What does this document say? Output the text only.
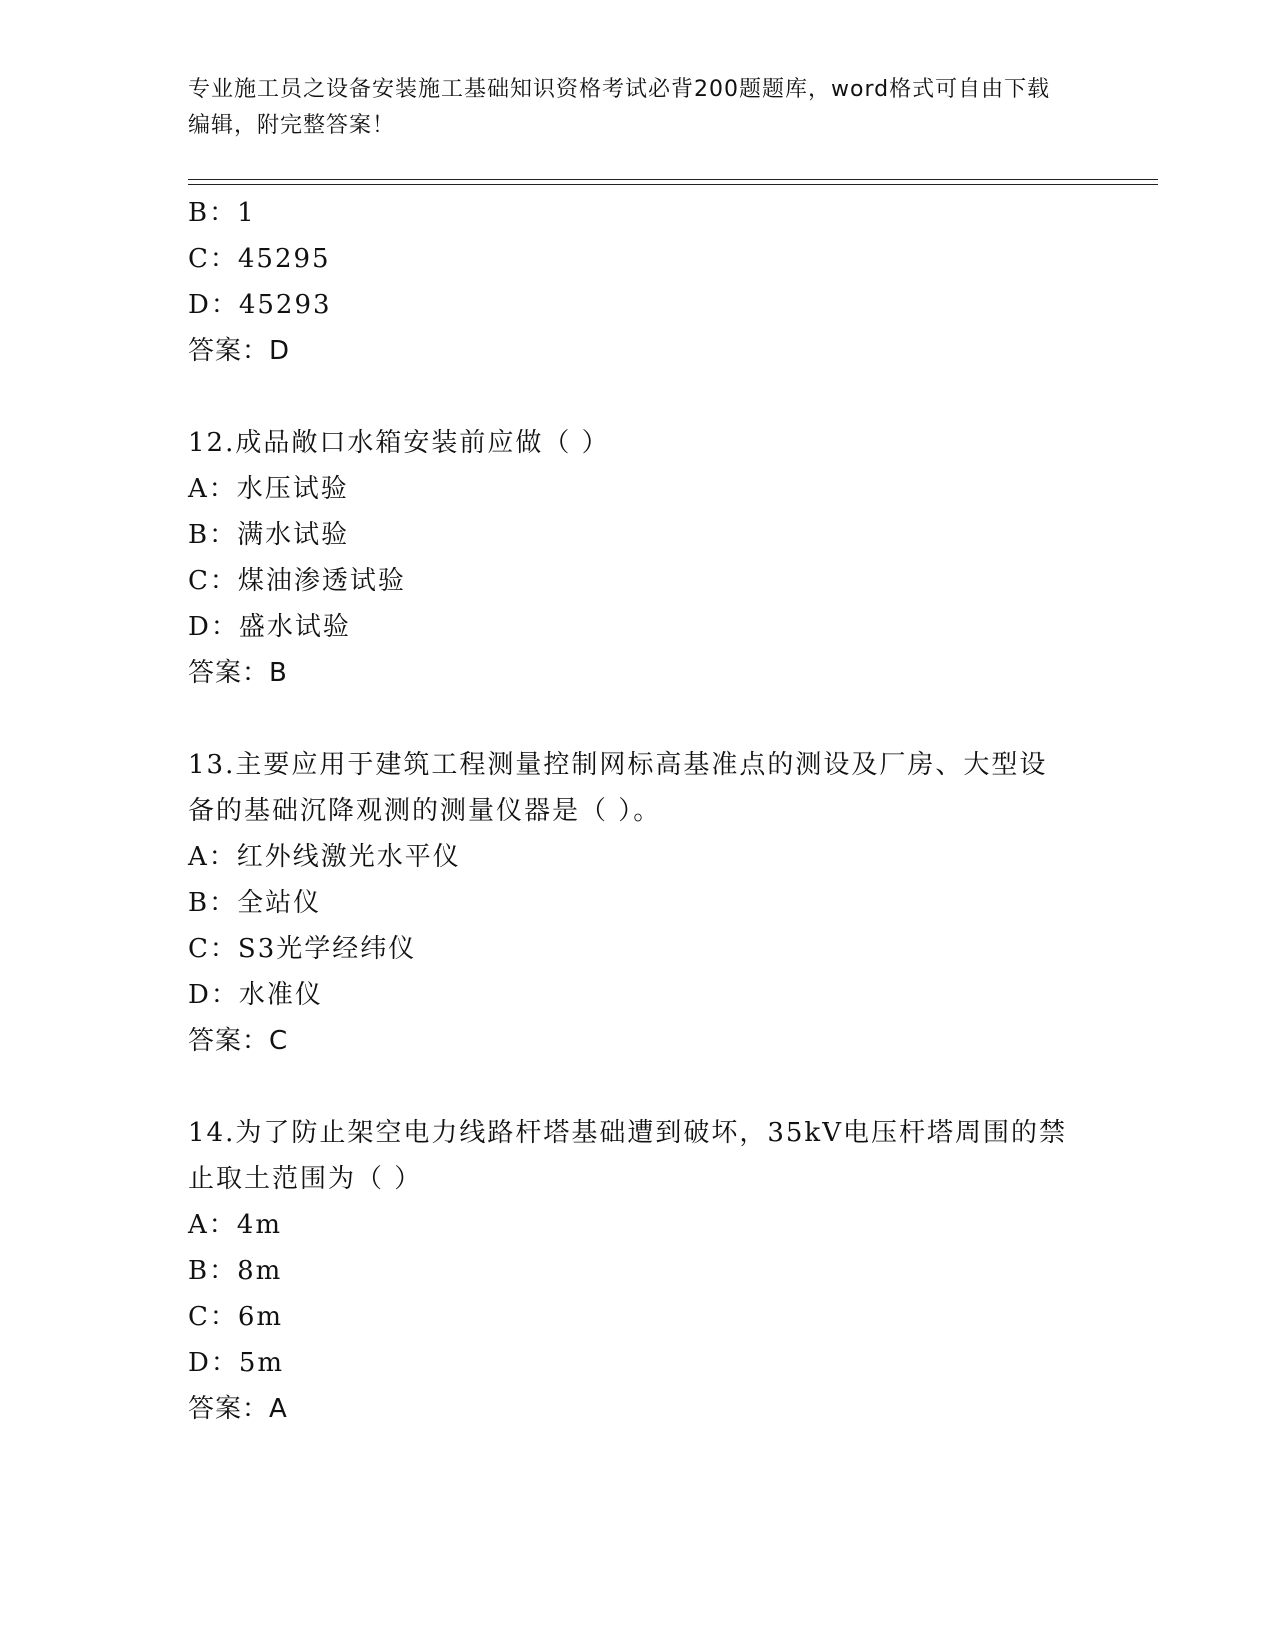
专业施工员之设备安装施工基础知识资格考试必背200题题库，word格式可自由下载编辑，附完整答案！
B：1
C：45295
D：45293
答案：D
12.成品敞口水箱安装前应做（ ）
A：水压试验
B：满水试验
C：煤油渗透试验
D：盛水试验
答案：B
13.主要应用于建筑工程测量控制网标高基准点的测设及厂房、大型设
备的基础沉降观测的测量仪器是（ ）。
A：红外线激光水平仪
B：全站仪
C：S3光学经纬仪
D：水准仪
答案：C
14.为了防止架空电力线路杆塔基础遭到破坏，35kV电压杆塔周围的禁
止取土范围为（ ）
A：4m
B：8m
C：6m
D：5m
答案：A
